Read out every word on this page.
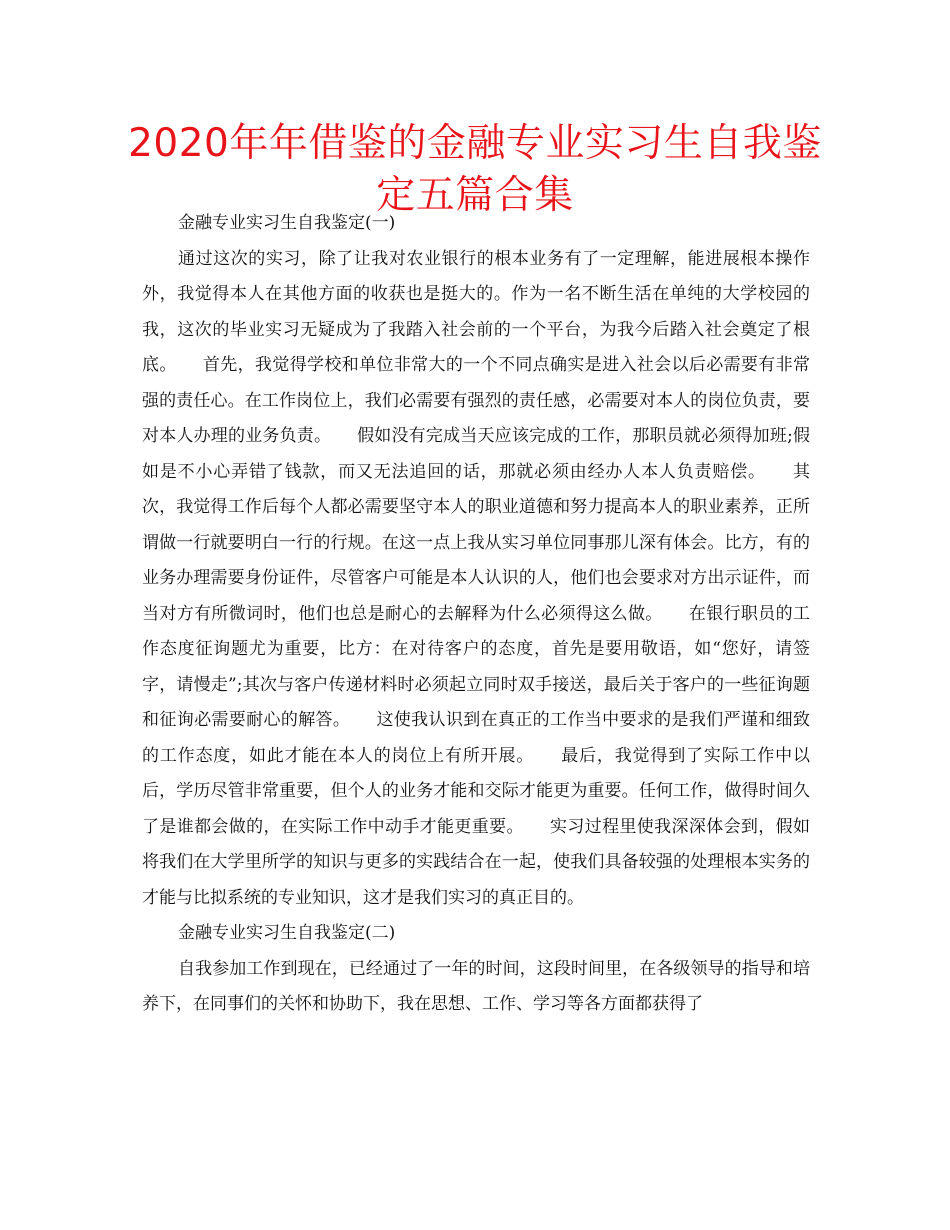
2020年年借鉴的金融专业实习生自我鉴定五篇合集

金融专业实习生自我鉴定(一)

通过这次的实习，除了让我对农业银行的根本业务有了一定理解，能进展根本操作外，我觉得本人在其他方面的收获也是挺大的。作为一名不断生活在单纯的大学校园的我，这次的毕业实习无疑成为了我踏入社会前的一个平台，为我今后踏入社会奠定了根底。　　首先，我觉得学校和单位非常大的一个不同点确实是进入社会以后必需要有非常强的责任心。在工作岗位上，我们必需要有强烈的责任感，必需要对本人的岗位负责，要对本人办理的业务负责。　　假如没有完成当天应该完成的工作，那职员就必须得加班;假如是不小心弄错了钱款，而又无法追回的话，那就必须由经办人本人负责赔偿。　　其次，我觉得工作后每个人都必需要坚守本人的职业道德和努力提高本人的职业素养，正所谓做一行就要明白一行的行规。在这一点上我从实习单位同事那儿深有体会。比方，有的业务办理需要身份证件，尽管客户可能是本人认识的人，他们也会要求对方出示证件，而当对方有所微词时，他们也总是耐心的去解释为什么必须得这么做。　　在银行职员的工作态度征询题尤为重要，比方：在对待客户的态度，首先是要用敬语，如“您好，请签字，请慢走”;其次与客户传递材料时必须起立同时双手接送，最后关于客户的一些征询题和征询必需要耐心的解答。　　这使我认识到在真正的工作当中要求的是我们严谨和细致的工作态度，如此才能在本人的岗位上有所开展。　　最后，我觉得到了实际工作中以后，学历尽管非常重要，但个人的业务才能和交际才能更为重要。任何工作，做得时间久了是谁都会做的，在实际工作中动手才能更重要。　　实习过程里使我深深体会到，假如将我们在大学里所学的知识与更多的实践结合在一起，使我们具备较强的处理根本实务的才能与比拟系统的专业知识，这才是我们实习的真正目的。

金融专业实习生自我鉴定(二)

自我参加工作到现在，已经通过了一年的时间，这段时间里，在各级领导的指导和培养下，在同事们的关怀和协助下，我在思想、工作、学习等各方面都获得了
